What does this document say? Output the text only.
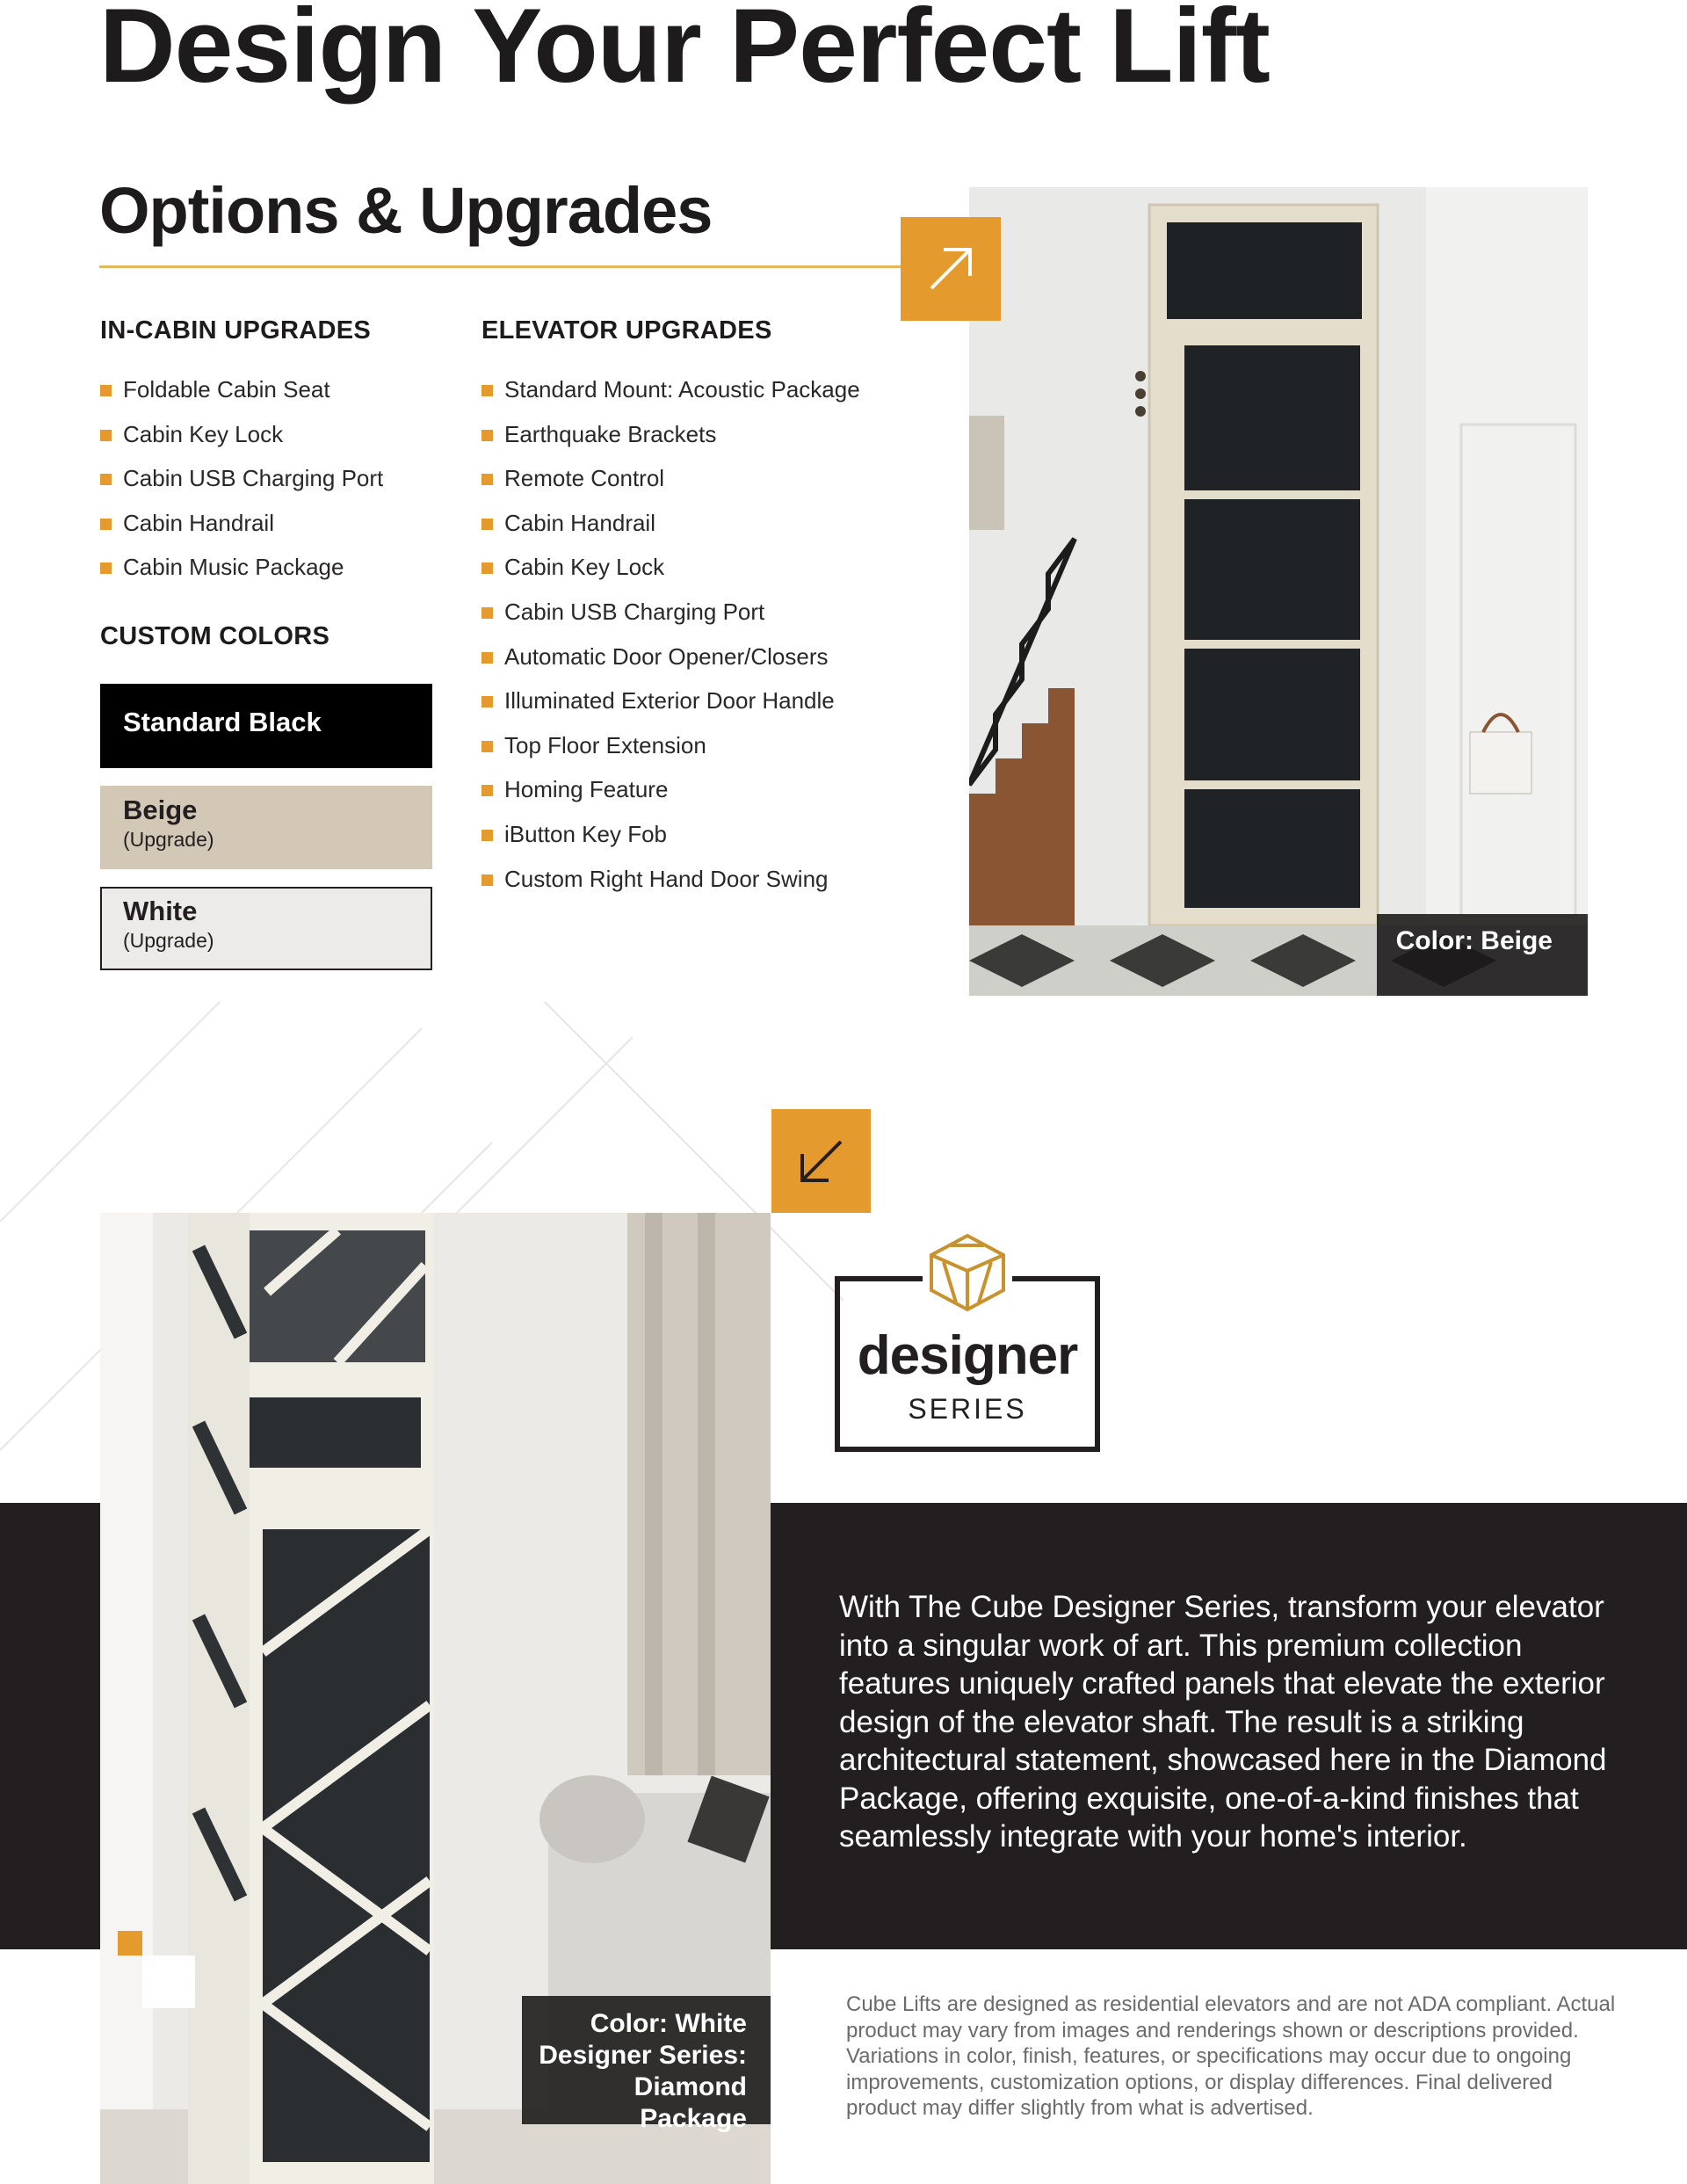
Design Your Perfect Lift
Options & Upgrades
IN-CABIN UPGRADES
Foldable Cabin Seat
Cabin Key Lock
Cabin USB Charging Port
Cabin Handrail
Cabin Music Package
CUSTOM COLORS
Standard Black
Beige
(Upgrade)
White
(Upgrade)
ELEVATOR UPGRADES
Standard Mount: Acoustic Package
Earthquake Brackets
Remote Control
Cabin Handrail
Cabin Key Lock
Cabin USB Charging Port
Automatic Door Opener/Closers
Illuminated Exterior Door Handle
Top Floor Extension
Homing Feature
iButton Key Fob
Custom Right Hand Door Swing
Color: Beige
Color: White
Designer Series:
Diamond Package
designer
SERIES

With The Cube Designer Series, transform your elevator into a singular work of art. This premium collection features uniquely crafted panels that elevate the exterior design of the elevator shaft. The result is a striking architectural statement, showcased here in the Diamond Package, offering exquisite, one-of-a-kind finishes that seamlessly integrate with your home's interior.

Cube Lifts are designed as residential elevators and are not ADA compliant. Actual product may vary from images and renderings shown or descriptions provided. Variations in color, finish, features, or specifications may occur due to ongoing improvements, customization options, or display differences. Final delivered product may differ slightly from what is advertised.
